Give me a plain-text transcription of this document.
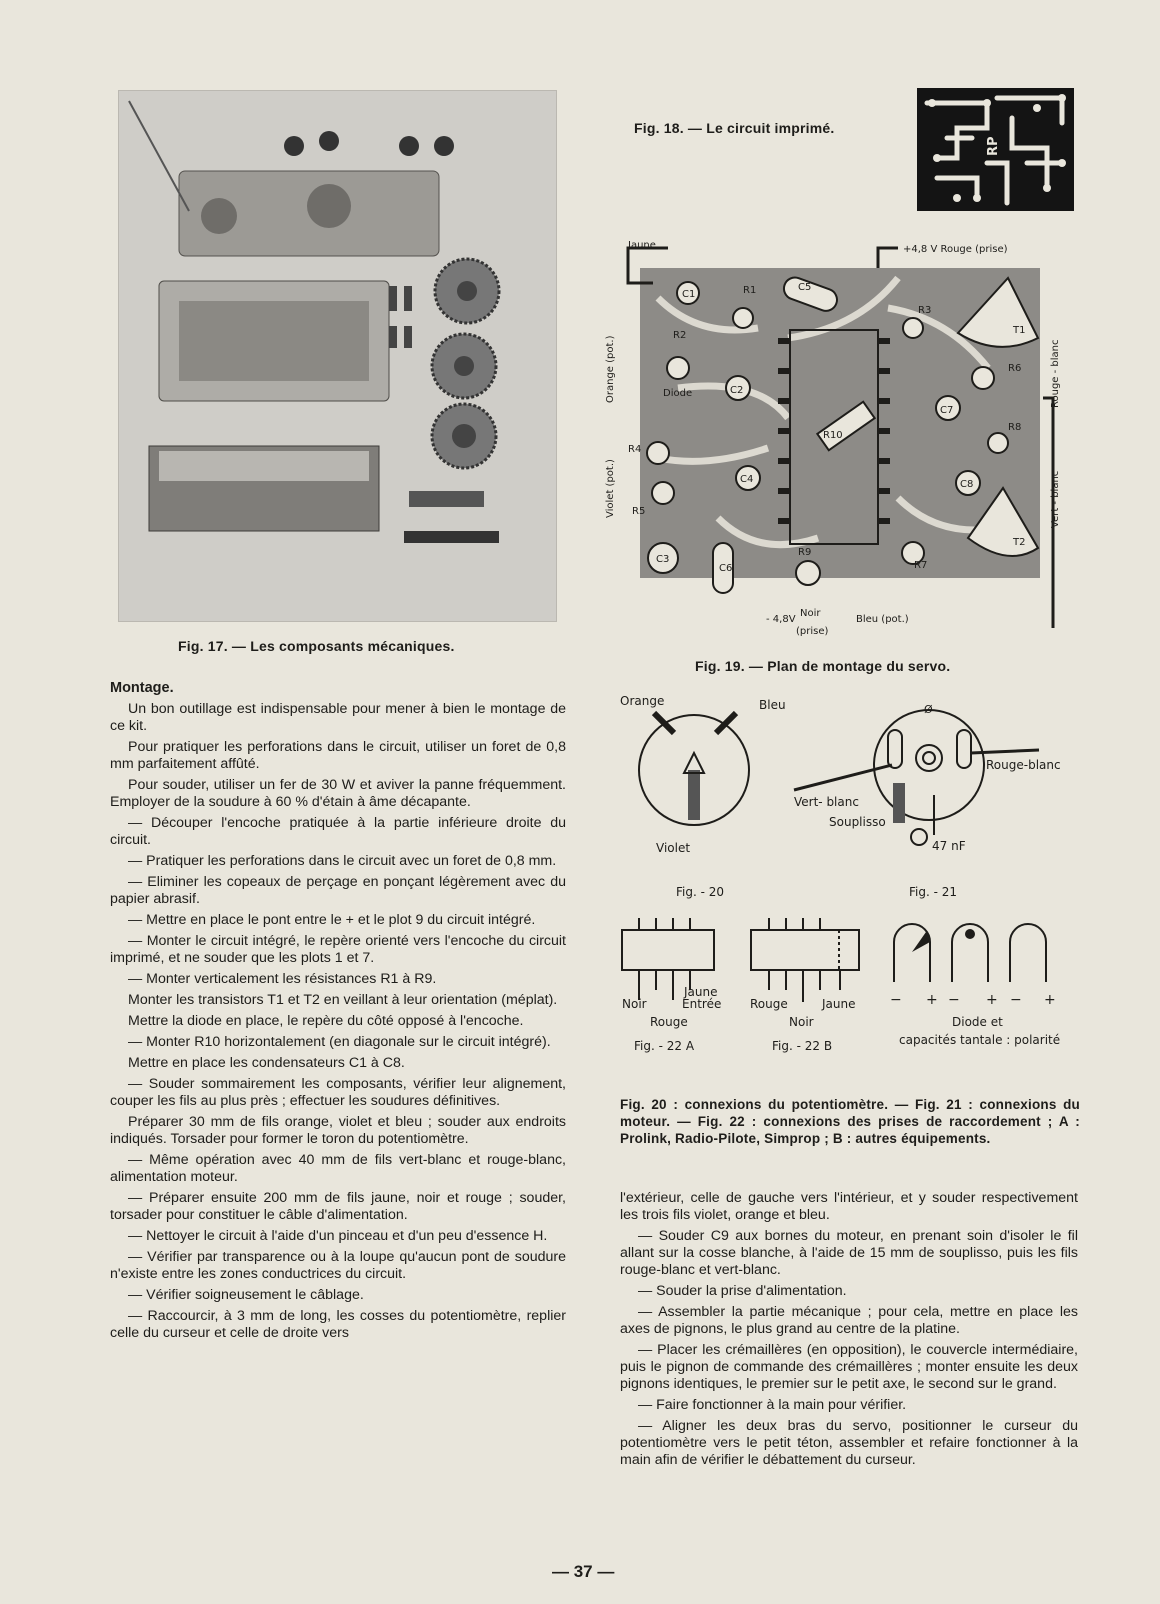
Fig. 17. — Les composants mécaniques.
Fig. 18. — Le circuit imprimé.
RP
R10
C1	R1	C5
R3
T1
R2
C2
R6
C7
R8
R4
C4	C8
R5
C3
C6
R9
R7
T2
Diode
Jaune	+4,8 V Rouge (prise)
Orange (pot.)
Violet (pot.)
Rouge - blanc
Vert - blanc
- 4,8V
Noir
(prise)
Bleu (pot.)
Fig. 19. — Plan de montage du servo.
Orange	Bleu
Violet
Fig. - 20
Ø
Rouge-blanc
Vert- blanc
Souplisso
47 nF
Fig. - 21
Noir
Jaune
Entrée
Rouge
Fig. - 22 A
Rouge	Jaune
Noir
Fig. - 22 B
− + − + − +
Diode et
capacités tantale : polarité
Fig. 20 : connexions du potentiomètre. — Fig. 21 : connexions du moteur. — Fig. 22 : connexions des prises de raccordement ; A : Prolink, Radio-Pilote, Simprop ; B : autres équipements.
Montage.

Un bon outillage est indispensable pour mener à bien le montage de ce kit.

Pour pratiquer les perforations dans le circuit, utiliser un foret de 0,8 mm parfaitement affûté.

Pour souder, utiliser un fer de 30 W et aviver la panne fréquemment. Employer de la soudure à 60 % d'étain à âme décapante.

— Découper l'encoche pratiquée à la partie inférieure droite du circuit.

— Pratiquer les perforations dans le circuit avec un foret de 0,8 mm.

— Eliminer les copeaux de perçage en ponçant légèrement avec du papier abrasif.

— Mettre en place le pont entre le + et le plot 9 du circuit intégré.

— Monter le circuit intégré, le repère orienté vers l'encoche du circuit imprimé, et ne souder que les plots 1 et 7.

— Monter verticalement les résistances R1 à R9.

Monter les transistors T1 et T2 en veillant à leur orientation (méplat).

Mettre la diode en place, le repère du côté opposé à l'encoche.

— Monter R10 horizontalement (en diagonale sur le circuit intégré).

Mettre en place les condensateurs C1 à C8.

— Souder sommairement les composants, vérifier leur alignement, couper les fils au plus près ; effectuer les soudures définitives.

Préparer 30 mm de fils orange, violet et bleu ; souder aux endroits indiqués. Torsader pour former le toron du potentiomètre.

— Même opération avec 40 mm de fils vert-blanc et rouge-blanc, alimentation moteur.

— Préparer ensuite 200 mm de fils jaune, noir et rouge ; souder, torsader pour constituer le câble d'alimentation.

— Nettoyer le circuit à l'aide d'un pinceau et d'un peu d'essence H.

— Vérifier par transparence ou à la loupe qu'aucun pont de soudure n'existe entre les zones conductrices du circuit.

— Vérifier soigneusement le câblage.

— Raccourcir, à 3 mm de long, les cosses du potentiomètre, replier celle du curseur et celle de droite vers

l'extérieur, celle de gauche vers l'intérieur, et y souder respectivement les trois fils violet, orange et bleu.

— Souder C9 aux bornes du moteur, en prenant soin d'isoler le fil allant sur la cosse blanche, à l'aide de 15 mm de souplisso, puis les fils rouge-blanc et vert-blanc.

— Souder la prise d'alimentation.

— Assembler la partie mécanique ; pour cela, mettre en place les axes de pignons, le plus grand au centre de la platine.

— Placer les crémaillères (en opposition), le couvercle intermédiaire, puis le pignon de commande des crémaillères ; monter ensuite les deux pignons identiques, le premier sur le petit axe, le second sur le grand.

— Faire fonctionner à la main pour vérifier.

— Aligner les deux bras du servo, positionner le curseur du potentiomètre vers le petit téton, assembler et refaire fonctionner à la main afin de vérifier le débattement du curseur.

— 37 —
